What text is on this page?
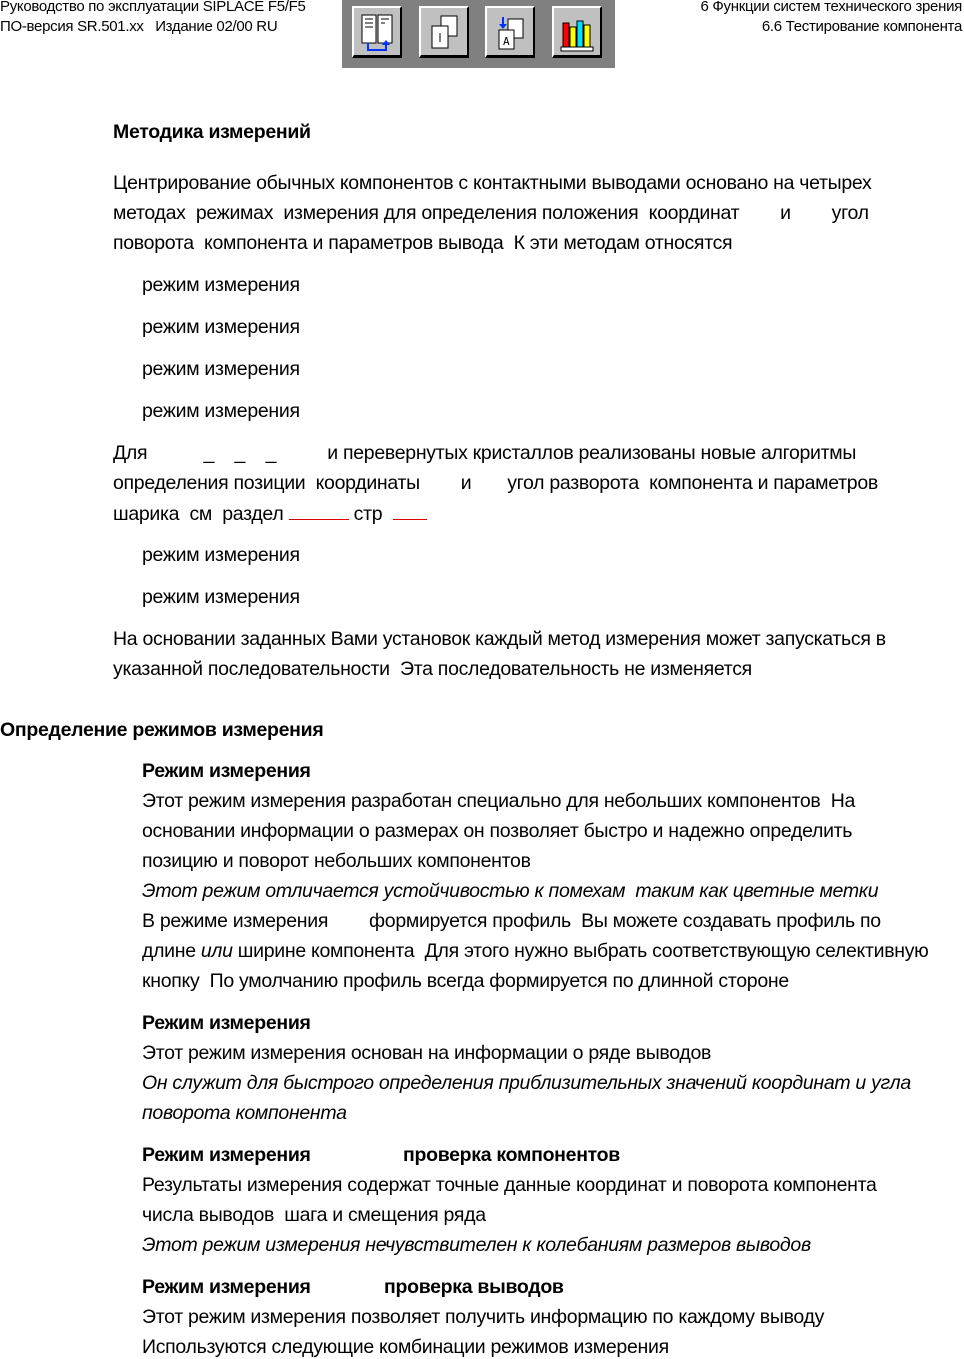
Руководство по эксплуатации SIPLACE F5/F5
ПО-версия SR.501.xx   Издание 02/00 RU
6 Функции систем технического зрения
6.6 Тестирование компонента
A
Методика измерений
Центрирование обычных компонентов с контактными выводами основано на четырех
методах  режимах  измерения для определения положения  координат        и        угол
поворота  компонента и параметров вывода  К эти методам относятся
режим измерения
режим измерения
режим измерения
режим измерения
Для           _    _    _          и перевернутых кристаллов реализованы новые алгоритмы
определения позиции  координаты        и       угол разворота  компонента и параметров
шарика  см  раздел	стр
режим измерения
режим измерения
На основании заданных Вами установок каждый метод измерения может запускаться в
указанной последовательности  Эта последовательность не изменяется
Определение режимов измерения
Режим измерения
Этот режим измерения разработан специально для небольших компонентов  На
основании информации о размерах он позволяет быстро и надежно определить
позицию и поворот небольших компонентов
Этот режим отличается устойчивостью к помехам  таким как цветные метки
В режиме измерения        формируется профиль  Вы можете создавать профиль по
длине или ширине компонента  Для этого нужно выбрать соответствующую селективную
кнопку  По умолчанию профиль всегда формируется по длинной стороне
Режим измерения
Этот режим измерения основан на информации о ряде выводов
Он служит для быстрого определения приблизительных значений координат и угла
поворота компонента
Режим измерения	проверка компонентов
Результаты измерения содержат точные данные координат и поворота компонента
числа выводов  шага и смещения ряда
Этот режим измерения нечувствителен к колебаниям размеров выводов
Режим измерения	проверка выводов
Этот режим измерения позволяет получить информацию по каждому выводу
Используются следующие комбинации режимов измерения
